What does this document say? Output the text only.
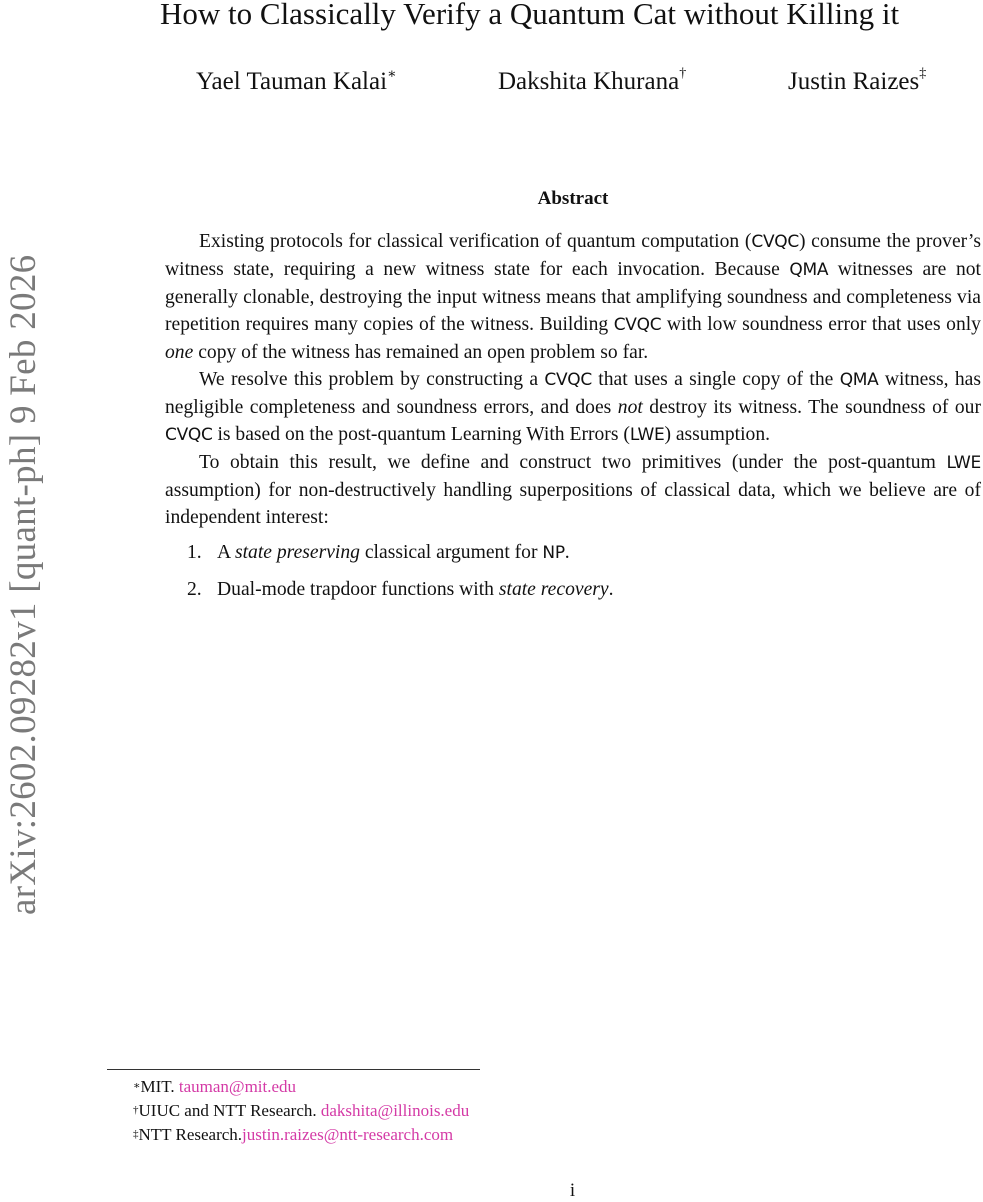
arXiv:2602.09282v1 [quant-ph] 9 Feb 2026
How to Classically Verify a Quantum Cat without Killing it
Yael Tauman Kalai∗	Dakshita Khurana†	Justin Raizes‡
Abstract

Existing protocols for classical verification of quantum computation (CVQC) consume the prover’s witness state, requiring a new witness state for each invocation. Because QMA witnesses are not generally clonable, destroying the input witness means that amplifying soundness and completeness via repetition requires many copies of the witness. Building CVQC with low soundness error that uses only one copy of the witness has remained an open problem so far.

We resolve this problem by constructing a CVQC that uses a single copy of the QMA witness, has negligible completeness and soundness errors, and does not destroy its witness. The soundness of our CVQC is based on the post-quantum Learning With Errors (LWE) assumption.

To obtain this result, we define and construct two primitives (under the post-quantum LWE assumption) for non-destructively handling superpositions of classical data, which we believe are of independent interest:

1. A state preserving classical argument for NP.
2. Dual-mode trapdoor functions with state recovery.
∗MIT. tauman@mit.edu
†UIUC and NTT Research. dakshita@illinois.edu
‡NTT Research.justin.raizes@ntt-research.com
i
